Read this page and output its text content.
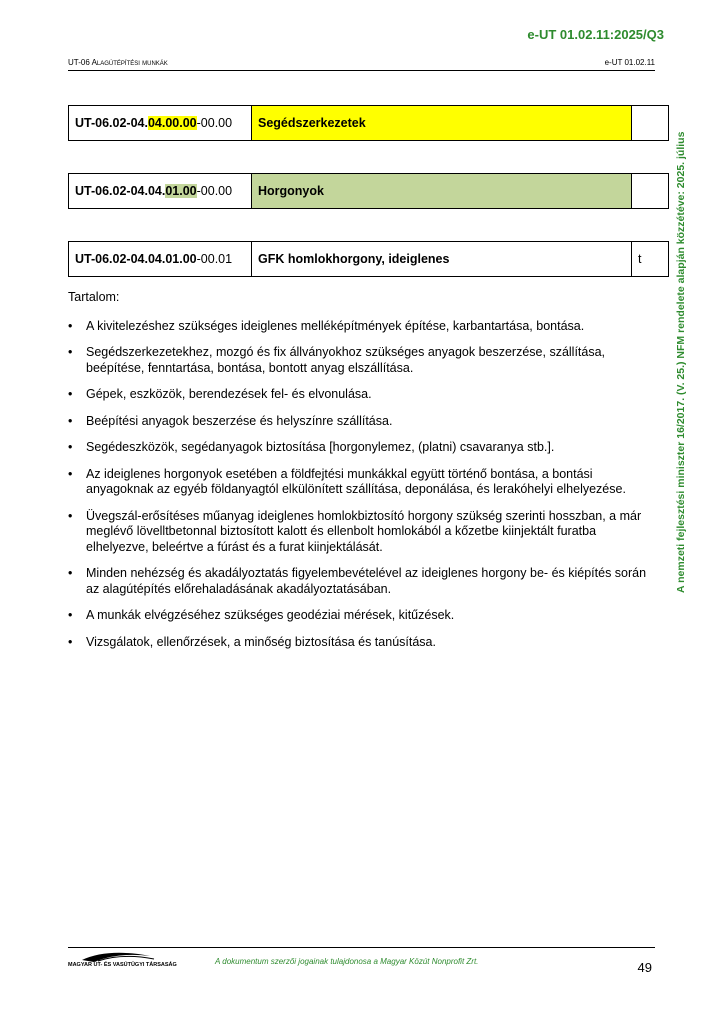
e-UT 01.02.11:2025/Q3
UT-06 Alagútépítési munkák	e-UT 01.02.11
A nemzeti fejlesztési miniszter 16/2017. (V. 25.) NFM rendelete alapján közzétéve: 2025. július
UT-06.02-04.04.00.00-00.00	Segédszerkezetek	
UT-06.02-04.04.01.00-00.00	Horgonyok	
UT-06.02-04.04.01.00-00.01	GFK homlokhorgony, ideiglenes	t

Tartalom:

• A kivitelezéshez szükséges ideiglenes melléképítmények építése, karbantartása, bontása.
• Segédszerkezetekhez, mozgó és fix állványokhoz szükséges anyagok beszerzése, szállítása, beépítése, fenntartása, bontása, bontott anyag elszállítása.
• Gépek, eszközök, berendezések fel- és elvonulása.
• Beépítési anyagok beszerzése és helyszínre szállítása.
• Segédeszközök, segédanyagok biztosítása [horgonylemez, (platni) csavaranya stb.].
• Az ideiglenes horgonyok esetében a földfejtési munkákkal együtt történő bontása, a bontási anyagoknak az egyéb földanyagtól elkülönített szállítása, deponálása, és lerakóhelyi elhelyezése.
• Üvegszál-erősítéses műanyag ideiglenes homlokbiztosító horgony szükség szerinti hosszban, a már meglévő lövelltbetonnal biztosított kalott és ellenbolt homlokából a kőzetbe kiinjektált furatba elhelyezve, beleértve a fúrást és a furat kiinjektálását.
• Minden nehézség és akadályoztatás figyelembevételével az ideiglenes horgony be- és kiépítés során az alagútépítés előrehaladásának akadályoztatásában.
• A munkák elvégzéséhez szükséges geodéziai mérések, kitűzések.
• Vizsgálatok, ellenőrzések, a minőség biztosítása és tanúsítása.
MAGYAR ÚT- ÉS VASÚTÜGYI TÁRSASÁG	A dokumentum szerzői jogainak tulajdonosa a Magyar Közút Nonprofit Zrt.	49
